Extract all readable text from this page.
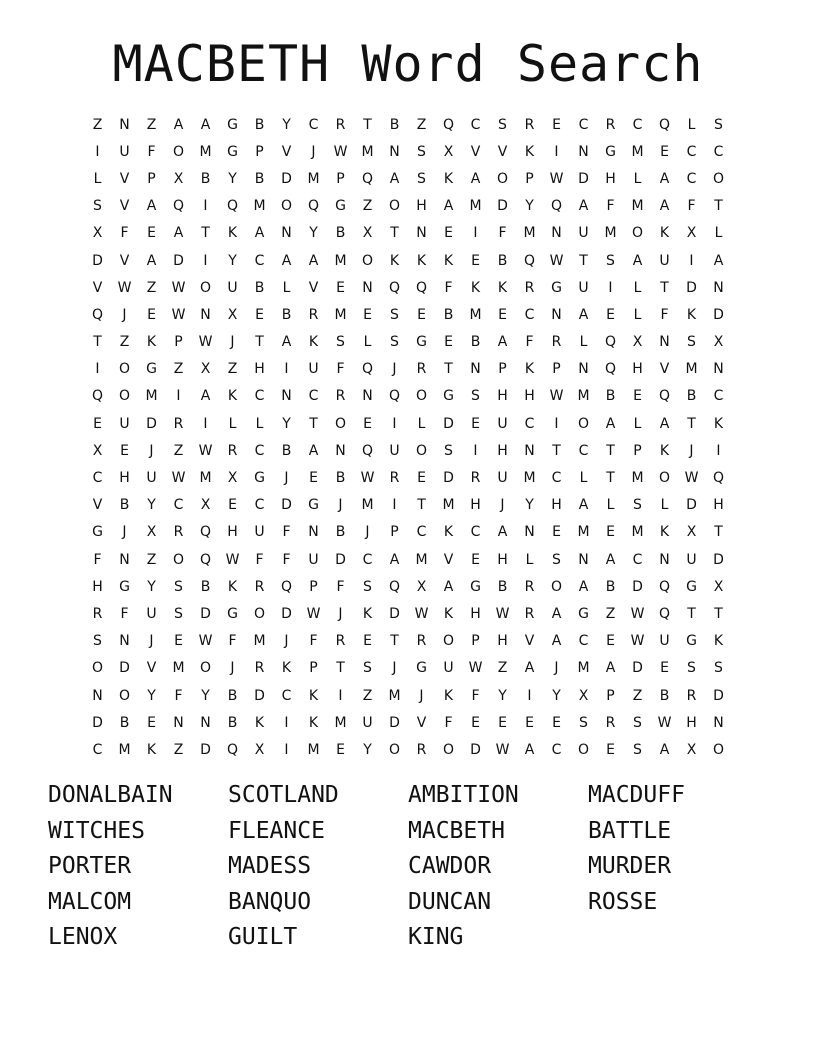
MACBETH Word Search
Z	N	Z	A	A	G	B	Y	C	R	T	B	Z	Q	C	S	R	E	C	R	C	Q	L	S
I	U	F	O	M	G	P	V	J	W	M	N	S	X	V	V	K	I	N	G	M	E	C	C
L	V	P	X	B	Y	B	D	M	P	Q	A	S	K	A	O	P	W	D	H	L	A	C	O
S	V	A	Q	I	Q	M	O	Q	G	Z	O	H	A	M	D	Y	Q	A	F	M	A	F	T
X	F	E	A	T	K	A	N	Y	B	X	T	N	E	I	F	M	N	U	M	O	K	X	L
D	V	A	D	I	Y	C	A	A	M	O	K	K	K	E	B	Q	W	T	S	A	U	I	A
V	W	Z	W	O	U	B	L	V	E	N	Q	Q	F	K	K	R	G	U	I	L	T	D	N
Q	J	E	W	N	X	E	B	R	M	E	S	E	B	M	E	C	N	A	E	L	F	K	D
T	Z	K	P	W	J	T	A	K	S	L	S	G	E	B	A	F	R	L	Q	X	N	S	X
I	O	G	Z	X	Z	H	I	U	F	Q	J	R	T	N	P	K	P	N	Q	H	V	M	N
Q	O	M	I	A	K	C	N	C	R	N	Q	O	G	S	H	H	W	M	B	E	Q	B	C
E	U	D	R	I	L	L	Y	T	O	E	I	L	D	E	U	C	I	O	A	L	A	T	K
X	E	J	Z	W	R	C	B	A	N	Q	U	O	S	I	H	N	T	C	T	P	K	J	I
C	H	U	W	M	X	G	J	E	B	W	R	E	D	R	U	M	C	L	T	M	O	W	Q
V	B	Y	C	X	E	C	D	G	J	M	I	T	M	H	J	Y	H	A	L	S	L	D	H
G	J	X	R	Q	H	U	F	N	B	J	P	C	K	C	A	N	E	M	E	M	K	X	T
F	N	Z	O	Q	W	F	F	U	D	C	A	M	V	E	H	L	S	N	A	C	N	U	D
H	G	Y	S	B	K	R	Q	P	F	S	Q	X	A	G	B	R	O	A	B	D	Q	G	X
R	F	U	S	D	G	O	D	W	J	K	D	W	K	H	W	R	A	G	Z	W	Q	T	T
S	N	J	E	W	F	M	J	F	R	E	T	R	O	P	H	V	A	C	E	W	U	G	K
O	D	V	M	O	J	R	K	P	T	S	J	G	U	W	Z	A	J	M	A	D	E	S	S
N	O	Y	F	Y	B	D	C	K	I	Z	M	J	K	F	Y	I	Y	X	P	Z	B	R	D
D	B	E	N	N	B	K	I	K	M	U	D	V	F	E	E	E	E	S	R	S	W	H	N
C	M	K	Z	D	Q	X	I	M	E	Y	O	R	O	D	W	A	C	O	E	S	A	X	O
DONALBAIN	SCOTLAND	AMBITION	MACDUFF
WITCHES	FLEANCE	MACBETH	BATTLE
PORTER	MADESS	CAWDOR	MURDER
MALCOM	BANQUO	DUNCAN	ROSSE
LENOX	GUILT	KING
